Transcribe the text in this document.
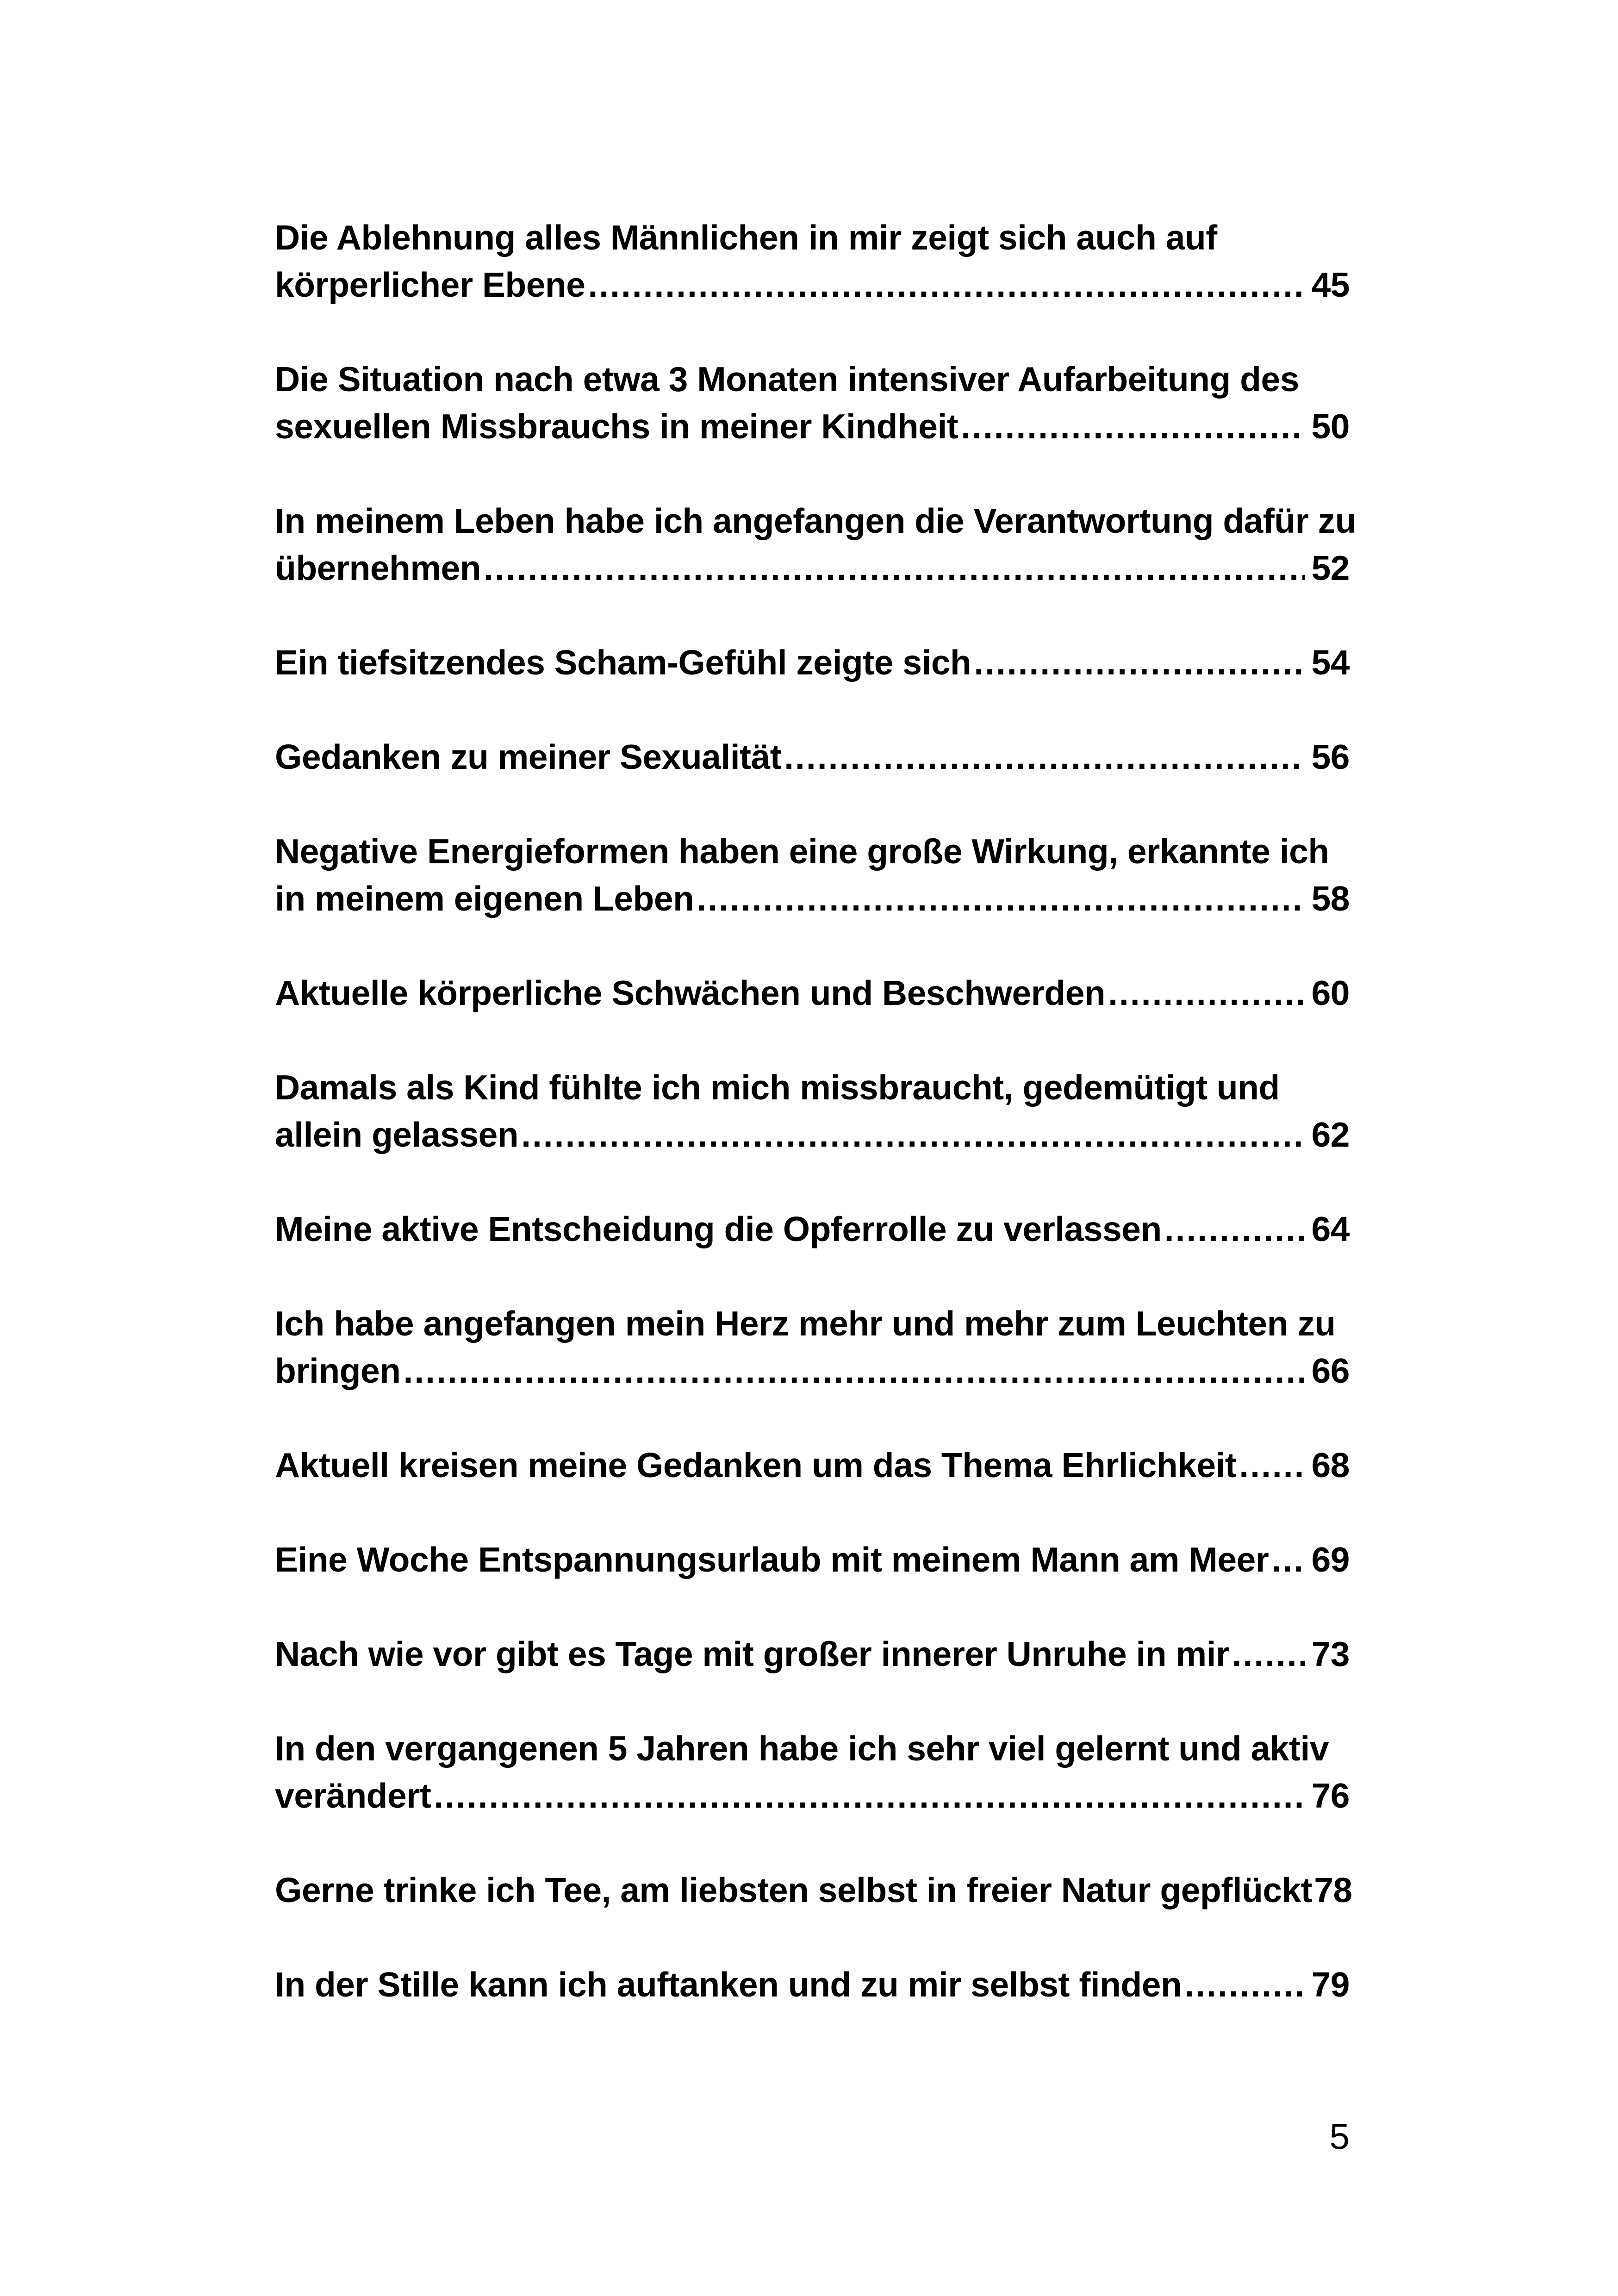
Die Ablehnung alles Männlichen in mir zeigt sich auch auf
körperlicher Ebene .....	45
Die Situation nach etwa 3 Monaten intensiver Aufarbeitung des
sexuellen Missbrauchs in meiner Kindheit .....	50
In meinem Leben habe ich angefangen die Verantwortung dafür zu
übernehmen .....	52
Ein tiefsitzendes Scham-Gefühl zeigte sich .....	54
Gedanken zu meiner Sexualität .....	56
Negative Energieformen haben eine große Wirkung, erkannte ich
in meinem eigenen Leben .....	58
Aktuelle körperliche Schwächen und Beschwerden .....	60
Damals als Kind fühlte ich mich missbraucht, gedemütigt und
allein gelassen .....	62
Meine aktive Entscheidung die Opferrolle zu verlassen .....	64
Ich habe angefangen mein Herz mehr und mehr zum Leuchten zu
bringen .....	66
Aktuell kreisen meine Gedanken um das Thema Ehrlichkeit ..... 68
Eine Woche Entspannungsurlaub mit meinem Mann am Meer ..... 69
Nach wie vor gibt es Tage mit großer innerer Unruhe in mir ..... 73
In den vergangenen 5 Jahren habe ich sehr viel gelernt und aktiv
verändert .....	76
Gerne trinke ich Tee, am liebsten selbst in freier Natur gepflückt 78
In der Stille kann ich auftanken und zu mir selbst finden .....	79
5
